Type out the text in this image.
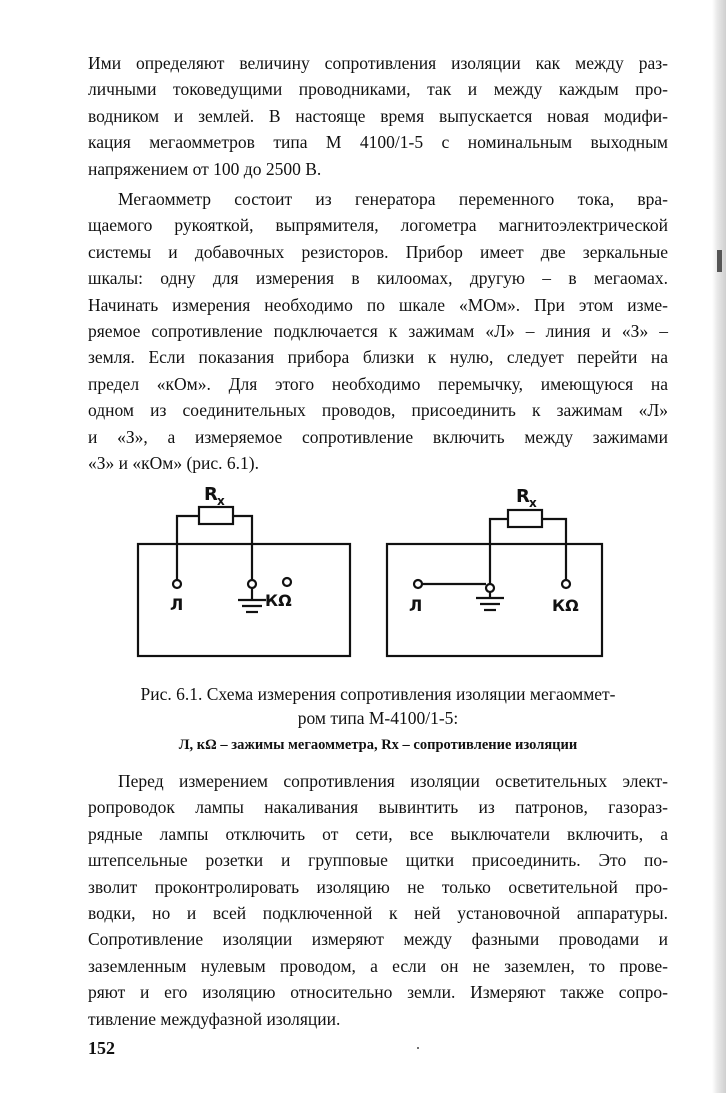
Ими определяют величину сопротивления изоляции как между раз-
личными токоведущими проводниками, так и между каждым про-
водником и землей. В настояще время выпускается новая модифи-
кация мегаомметров типа М 4100/1-5 с номинальным выходным
напряжением от 100 до 2500 В.
Мегаомметр состоит из генератора переменного тока, вра-
щаемого рукояткой, выпрямителя, логометра магнитоэлектрической
системы и добавочных резисторов. Прибор имеет две зеркальные
шкалы: одну для измерения в килоомах, другую – в мегаомах.
Начинать измерения необходимо по шкале «МОм». При этом изме-
ряемое сопротивление подключается к зажимам «Л» – линия и «З» –
земля. Если показания прибора близки к нулю, следует перейти на
предел «кОм». Для этого необходимо перемычку, имеющуюся на
одном из соединительных проводов, присоединить к зажимам «Л»
и «З», а измеряемое сопротивление включить между зажимами
«З» и «кОм» (рис. 6.1).
R x
Л	КΩ
R x
Л	КΩ
Рис. 6.1. Схема измерения сопротивления изоляции мегаоммет-
ром типа М-4100/1-5:
Л, кΩ – зажимы мегаомметра, Rx – сопротивление изоляции
Перед измерением сопротивления изоляции осветительных элект-
ропроводок лампы накаливания вывинтить из патронов, газораз-
рядные лампы отключить от сети, все выключатели включить, а
штепсельные розетки и групповые щитки присоединить. Это по-
зволит проконтролировать изоляцию не только осветительной про-
водки, но и всей подключенной к ней установочной аппаратуры.
Сопротивление изоляции измеряют между фазными проводами и
заземленным нулевым проводом, а если он не заземлен, то прове-
ряют и его изоляцию относительно земли. Измеряют также сопро-
тивление междуфазной изоляции.
152
